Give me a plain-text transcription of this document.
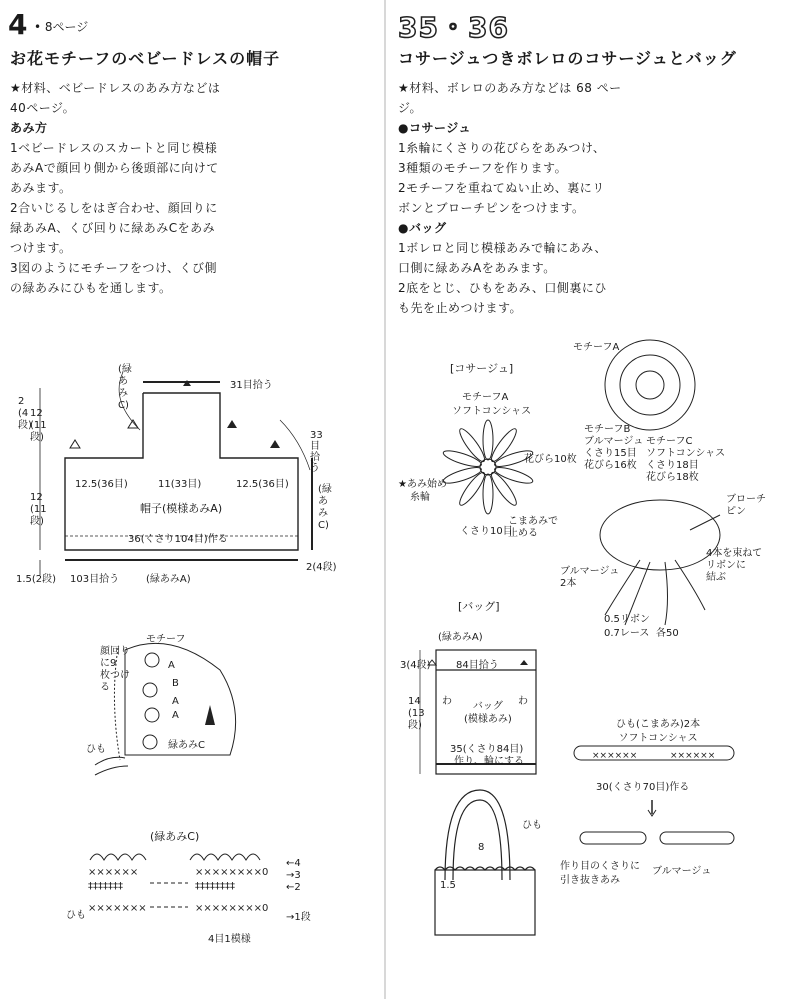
4 • 8ページ
お花モチーフのベビードレスの帽子
★材料、ベビードレスのあみ方などは
40ページ。
あみ方
1ベビードレスのスカートと同じ模様
あみAで顔回り側から後頭部に向けて
あみます。
2合いじるしをはぎ合わせ、顔回りに
緑あみA、くび回りに緑あみCをあみ
つけます。
3図のようにモチーフをつけ、くび側
の緑あみにひもを通します。
31目拾う
(緑あみC)
2
(4
段)
12
(11
段)
12
(11
段)
1.5(2段)
33
目
拾
う
(緑あみC)
12.5(36目)	11(33目)	12.5(36目)
帽子(模様あみA)
36(くさり104目)作る
103目拾う	(緑あみA)
2(4段)
モチーフ
顔回り
に9
枚つけ
る
A
B
A
A
ひも	緑あみC
(緑あみC)
××××××	××××××××0
‡‡‡‡‡‡‡	‡‡‡‡‡‡‡‡
×××××××	××××××××0
←4
→3
←2
→1段
ひも
4目1模様
35・36
コサージュつきボレロのコサージュとバッグ
★材料、ボレロのあみ方などは 68 ペー
ジ。
●コサージュ
1糸輪にくさりの花びらをあみつけ、
3種類のモチーフを作ります。
2モチーフを重ねてぬい止め、裏にリ
ボンとブローチピンをつけます。
●バッグ
1ボレロと同じ模様あみで輪にあみ、
口側に緑あみAをあみます。
2底をとじ、ひもをあみ、口側裏にひ
も先を止めつけます。
[コサージュ]
モチーフA
モチーフA
ソフトコンシャス
花びら10枚
★あみ始め
糸輪
くさり10目
こまあみで
止める
モチーフB
ブルマージュ
くさり15目
花びら16枚
モチーフC
ソフトコンシャス
くさり18目
花びら18枚
ブローチ
ピン
4本を束ねて
リボンに
結ぶ
ブルマージュ
2本
0.5リボン
0.7レース 各50
[バッグ]
(緑あみA)
3(4段)	84目拾う
14
(13
段)
わ	わ
バッグ
(模様あみ)
35(くさり84目)
作り、輪にする
ひも
8
1.5
ひも(こまあみ)2本
ソフトコンシャス
××××××	××××××
30(くさり70目)作る
作り目のくさりに
引き抜きあみ
ブルマージュ
